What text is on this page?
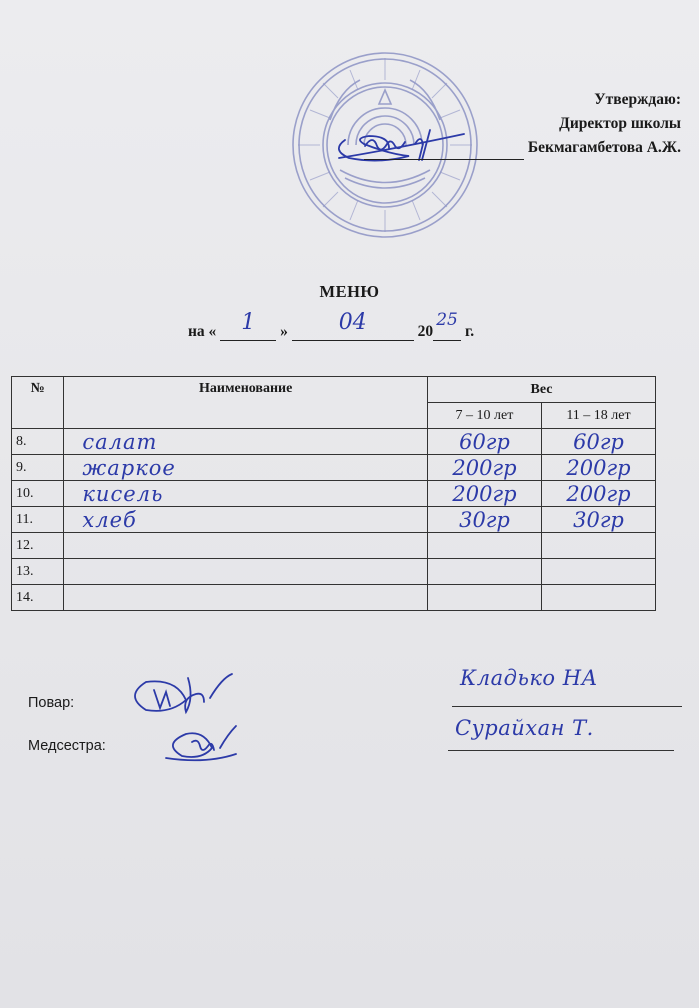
Утверждаю:
Директор школы
Бекмагамбетова А.Ж.
МЕНЮ
на «	1	»	04	20
25
г.
№	Наименование	Вес	
		7 – 10 лет	11 – 18 лет
8.	салат	60гр	60гр

9.	жаркое	200гр	200гр

10.	кисель	200гр	200гр

11.	хлеб	30гр	30гр

12.	

13.	

14.	

Повар:
Кладько НА
Медсестра:
Сурайхан Т.
